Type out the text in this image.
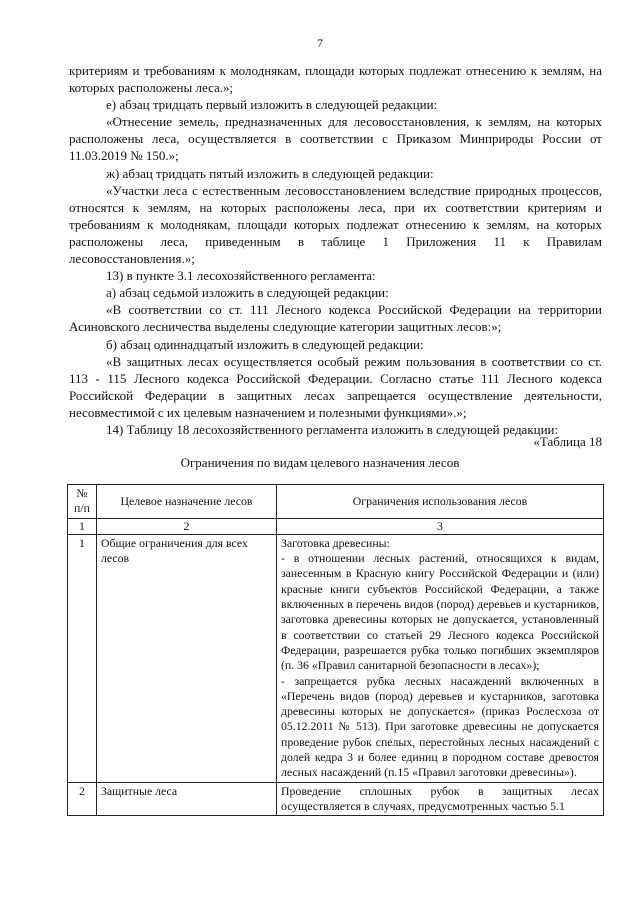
7

критериям и требованиям к молоднякам, площади которых подлежат отнесению к землям, на которых расположены леса.»;

е) абзац тридцать первый изложить в следующей редакции:

«Отнесение земель, предназначенных для лесовосстановления, к землям, на которых расположены леса, осуществляется в соответствии с Приказом Минприроды России от 11.03.2019 № 150.»;

ж) абзац тридцать пятый изложить в следующей редакции:

«Участки леса с естественным лесовосстановлением вследствие природных процессов, относятся к землям, на которых расположены леса, при их соответствии критериям и требованиям к молоднякам, площади которых подлежат отнесению к землям, на которых расположены леса, приведенным в таблице 1 Приложения 11 к Правилам лесовосстановления.»;

13) в пункте 3.1 лесохозяйственного регламента:

а) абзац седьмой изложить в следующей редакции:

«В соответствии со ст. 111 Лесного кодекса Российской Федерации на территории Асиновского лесничества выделены следующие категории защитных лесов:»;

б) абзац одиннадцатый изложить в следующей редакции:

«В защитных лесах осуществляется особый режим пользования в соответствии со ст. 113 - 115 Лесного кодекса Российской Федерации. Согласно статье 111 Лесного кодекса Российской Федерации в защитных лесах запрещается осуществление деятельности, несовместимой с их целевым назначением и полезными функциями».»;

14) Таблицу 18 лесохозяйственного регламента изложить в следующей редакции:

«Таблица 18
Ограничения по видам целевого назначения лесов
№ п/п	Целевое назначение лесов	Ограничения использования лесов
1	2	3
1	Общие ограничения для всех лесов	Заготовка древесины:

- в отношении лесных растений, относящихся к видам, занесенным в Красную книгу Российской Федерации и (или) красные книги субъектов Российской Федерации, а также включенных в перечень видов (пород) деревьев и кустарников, заготовка древесины которых не допускается, установленный в соответствии со статьей 29 Лесного кодекса Российской Федерации, разрешается рубка только погибших экземпляров (п. 36 «Правил санитарной безопасности в лесах»);

- запрещается рубка лесных насаждений включенных в «Перечень видов (пород) деревьев и кустарников, заготовка древесины которых не допускается» (приказ Рослесхоза от 05.12.2011 № 513). При заготовке древесины не допускается проведение рубок спелых, перестойных лесных насаждений с долей кедра 3 и более единиц в породном составе древостоя лесных насаждений (п.15 «Правил заготовки древесины»).

2	Защитные леса	Проведение сплошных рубок в защитных лесах осуществляется в случаях, предусмотренных частью 5.1
